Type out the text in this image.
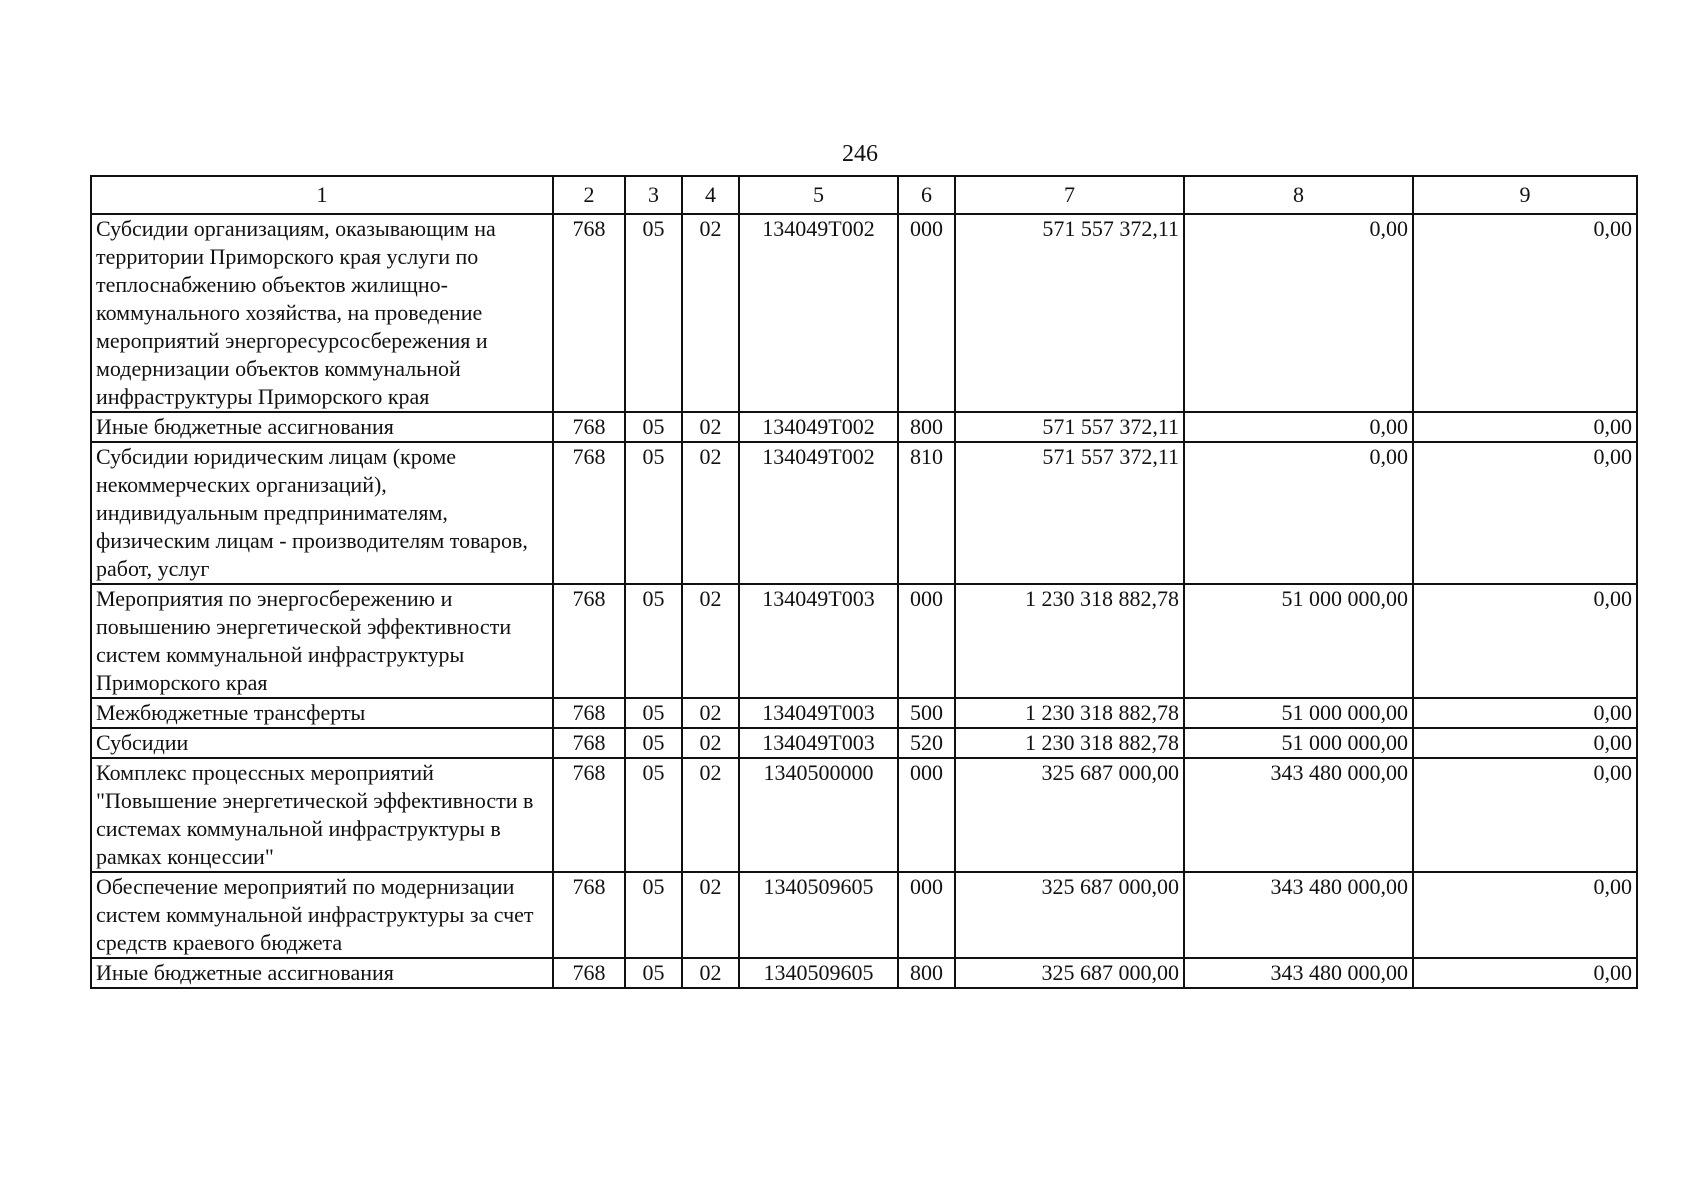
246
1	2	3	4	5	6	7	8	9
Субсидии организациям, оказывающим на территории Приморского края услуги по теплоснабжению объектов жилищно-коммунального хозяйства, на проведение мероприятий энергоресурсосбережения и модернизации объектов коммунальной инфраструктуры Приморского края	768	05	02	134049T002	000	571 557 372,11	0,00	0,00
Иные бюджетные ассигнования	768	05	02	134049T002	800	571 557 372,11	0,00	0,00
Субсидии юридическим лицам (кроме некоммерческих организаций), индивидуальным предпринимателям, физическим лицам - производителям товаров, работ, услуг	768	05	02	134049T002	810	571 557 372,11	0,00	0,00
Мероприятия по энергосбережению и повышению энергетической эффективности систем коммунальной инфраструктуры Приморского края	768	05	02	134049T003	000	1 230 318 882,78	51 000 000,00	0,00
Межбюджетные трансферты	768	05	02	134049T003	500	1 230 318 882,78	51 000 000,00	0,00
Субсидии	768	05	02	134049T003	520	1 230 318 882,78	51 000 000,00	0,00
Комплекс процессных мероприятий "Повышение энергетической эффективности в системах коммунальной инфраструктуры в рамках концессии"	768	05	02	1340500000	000	325 687 000,00	343 480 000,00	0,00
Обеспечение мероприятий по модернизации систем коммунальной инфраструктуры за счет средств краевого бюджета	768	05	02	1340509605	000	325 687 000,00	343 480 000,00	0,00
Иные бюджетные ассигнования	768	05	02	1340509605	800	325 687 000,00	343 480 000,00	0,00
